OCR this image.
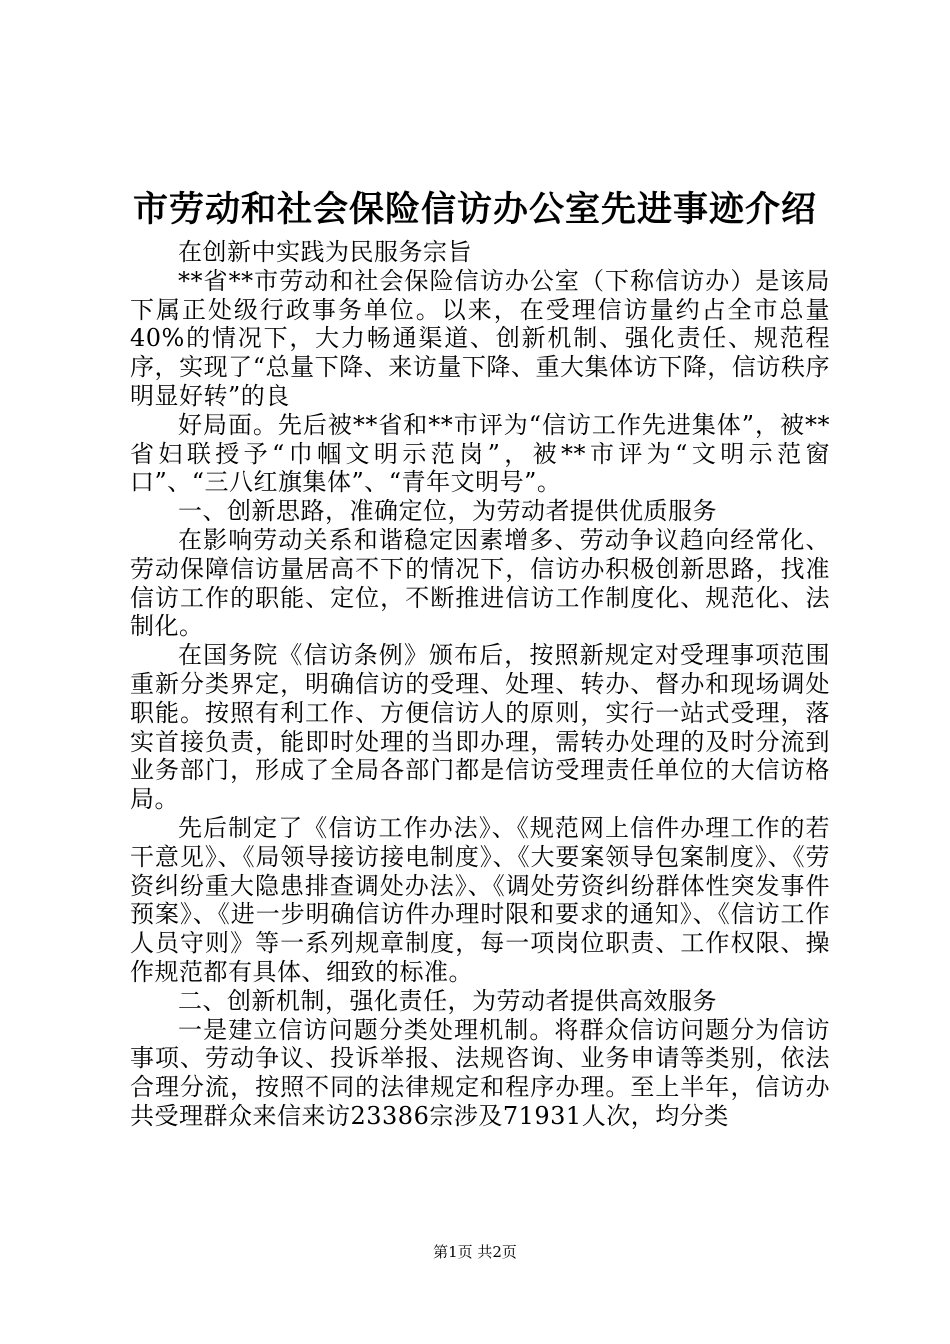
市劳动和社会保险信访办公室先进事迹介绍

在创新中实践为民服务宗旨

**省**市劳动和社会保险信访办公室（下称信访办）是该局下属正处级行政事务单位。以来，在受理信访量约占全市总量40%的情况下，大力畅通渠道、创新机制、强化责任、规范程序，实现了“总量下降、来访量下降、重大集体访下降，信访秩序明显好转”的良

好局面。先后被**省和**市评为“信访工作先进集体”，被**省妇联授予“巾帼文明示范岗”，被**市评为“文明示范窗口”、“三八红旗集体”、“青年文明号”。

一、创新思路，准确定位，为劳动者提供优质服务

在影响劳动关系和谐稳定因素增多、劳动争议趋向经常化、劳动保障信访量居高不下的情况下，信访办积极创新思路，找准信访工作的职能、定位，不断推进信访工作制度化、规范化、法制化。

在国务院《信访条例》颁布后，按照新规定对受理事项范围重新分类界定，明确信访的受理、处理、转办、督办和现场调处职能。按照有利工作、方便信访人的原则，实行一站式受理，落实首接负责，能即时处理的当即办理，需转办处理的及时分流到业务部门，形成了全局各部门都是信访受理责任单位的大信访格局。

先后制定了《信访工作办法》、《规范网上信件办理工作的若干意见》、《局领导接访接电制度》、《大要案领导包案制度》、《劳资纠纷重大隐患排查调处办法》、《调处劳资纠纷群体性突发事件预案》、《进一步明确信访件办理时限和要求的通知》、《信访工作人员守则》等一系列规章制度，每一项岗位职责、工作权限、操作规范都有具体、细致的标准。

二、创新机制，强化责任，为劳动者提供高效服务

一是建立信访问题分类处理机制。将群众信访问题分为信访事项、劳动争议、投诉举报、法规咨询、业务申请等类别，依法合理分流，按照不同的法律规定和程序办理。至上半年，信访办共受理群众来信来访23386宗涉及71931人次，均分类

第1页 共2页
